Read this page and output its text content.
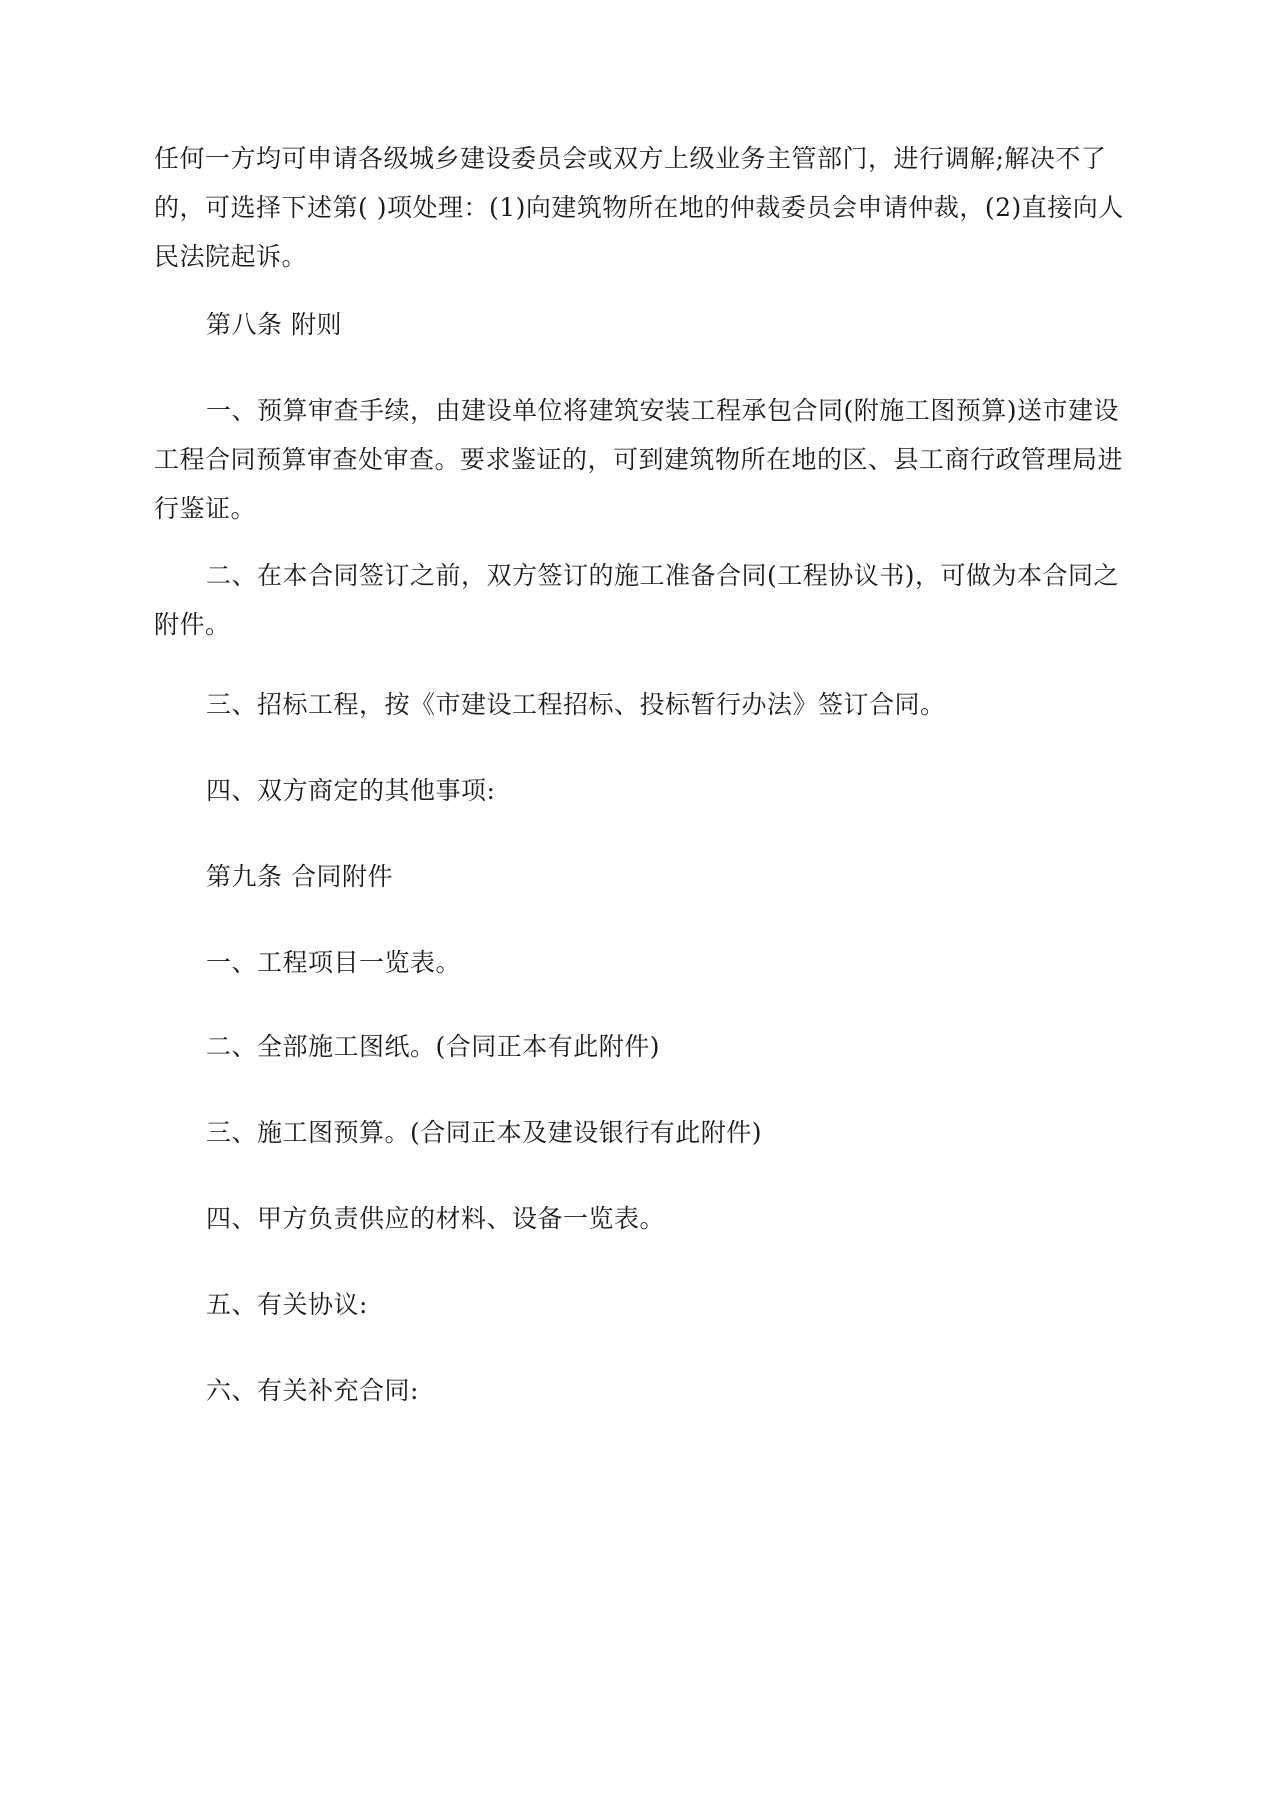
任何一方均可申请各级城乡建设委员会或双方上级业务主管部门，进行调解;解决不了的，可选择下述第( )项处理：(1)向建筑物所在地的仲裁委员会申请仲裁，(2)直接向人民法院起诉。

第八条 附则

一、预算审查手续，由建设单位将建筑安装工程承包合同(附施工图预算)送市建设工程合同预算审查处审查。要求鉴证的，可到建筑物所在地的区、县工商行政管理局进行鉴证。

二、在本合同签订之前，双方签订的施工准备合同(工程协议书)，可做为本合同之附件。

三、招标工程，按《市建设工程招标、投标暂行办法》签订合同。

四、双方商定的其他事项:

第九条 合同附件

一、工程项目一览表。

二、全部施工图纸。(合同正本有此附件)

三、施工图预算。(合同正本及建设银行有此附件)

四、甲方负责供应的材料、设备一览表。

五、有关协议:

六、有关补充合同:
